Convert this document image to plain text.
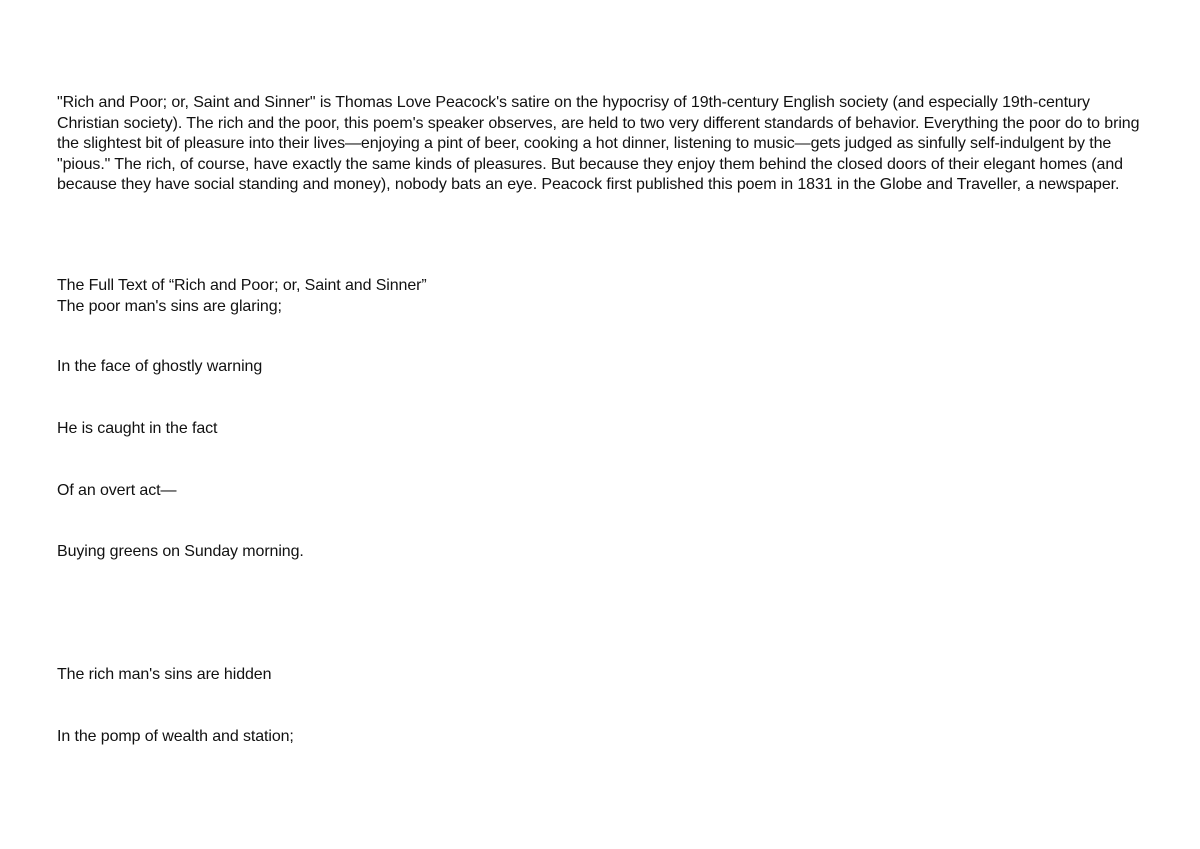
"Rich and Poor; or, Saint and Sinner" is Thomas Love Peacock's satire on the hypocrisy of 19th-century English society (and especially 19th-century Christian society). The rich and the poor, this poem's speaker observes, are held to two very different standards of behavior. Everything the poor do to bring the slightest bit of pleasure into their lives—enjoying a pint of beer, cooking a hot dinner, listening to music—gets judged as sinfully self-indulgent by the "pious." The rich, of course, have exactly the same kinds of pleasures. But because they enjoy them behind the closed doors of their elegant homes (and because they have social standing and money), nobody bats an eye. Peacock first published this poem in 1831 in the Globe and Traveller, a newspaper.

The Full Text of “Rich and Poor; or, Saint and Sinner”

The poor man's sins are glaring;

In the face of ghostly warning

He is caught in the fact

Of an overt act—

Buying greens on Sunday morning.

The rich man's sins are hidden

In the pomp of wealth and station;
